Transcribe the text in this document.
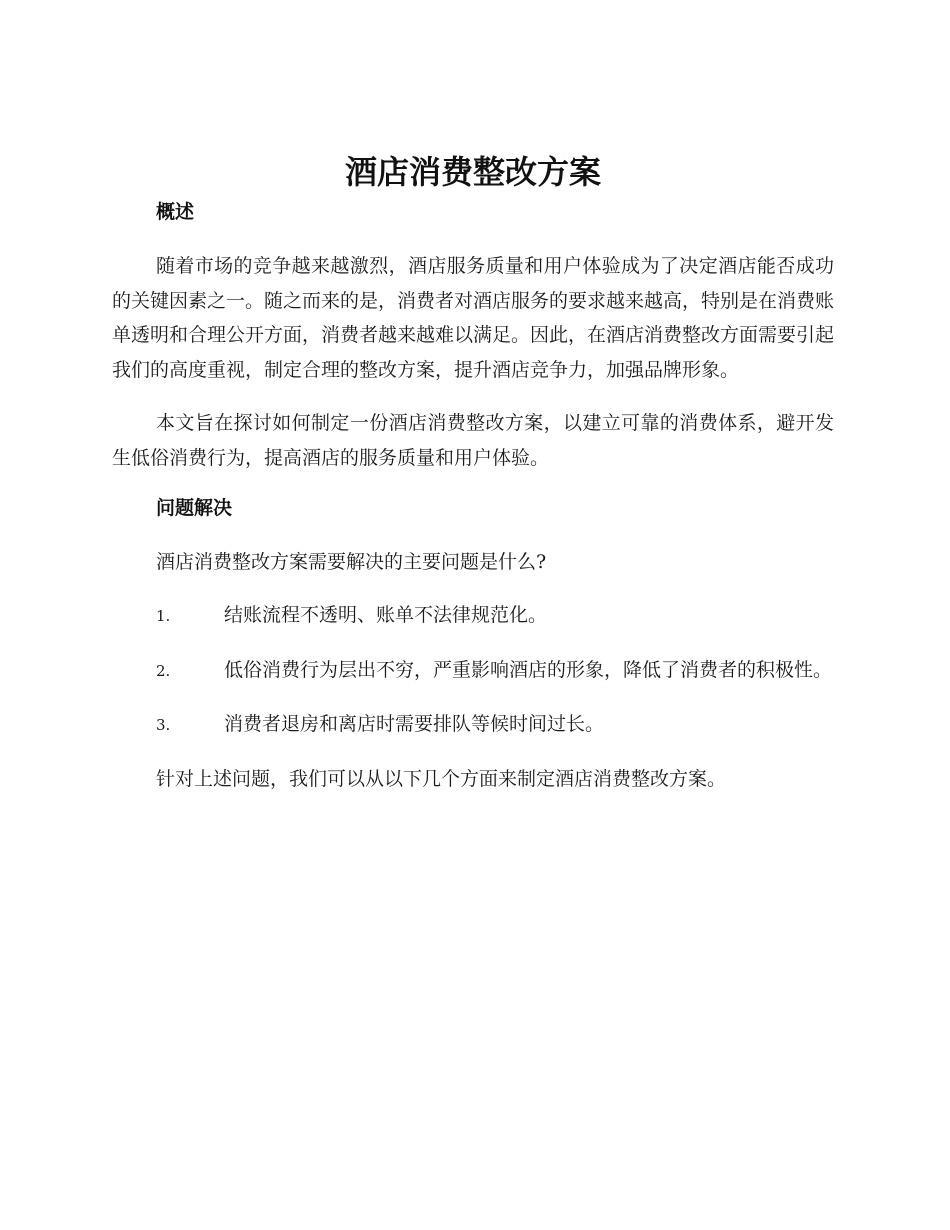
酒店消费整改方案
概述

随着市场的竞争越来越激烈，酒店服务质量和用户体验成为了决定酒店能否成功的关键因素之一。随之而来的是，消费者对酒店服务的要求越来越高，特别是在消费账单透明和合理公开方面，消费者越来越难以满足。因此，在酒店消费整改方面需要引起我们的高度重视，制定合理的整改方案，提升酒店竞争力，加强品牌形象。

本文旨在探讨如何制定一份酒店消费整改方案，以建立可靠的消费体系，避开发生低俗消费行为，提高酒店的服务质量和用户体验。

问题解决

酒店消费整改方案需要解决的主要问题是什么?

1.	结账流程不透明、账单不法律规范化。
2.	低俗消费行为层出不穷，严重影响酒店的形象，降低了消费者的积极性。
3.	消费者退房和离店时需要排队等候时间过长。

针对上述问题，我们可以从以下几个方面来制定酒店消费整改方案。
